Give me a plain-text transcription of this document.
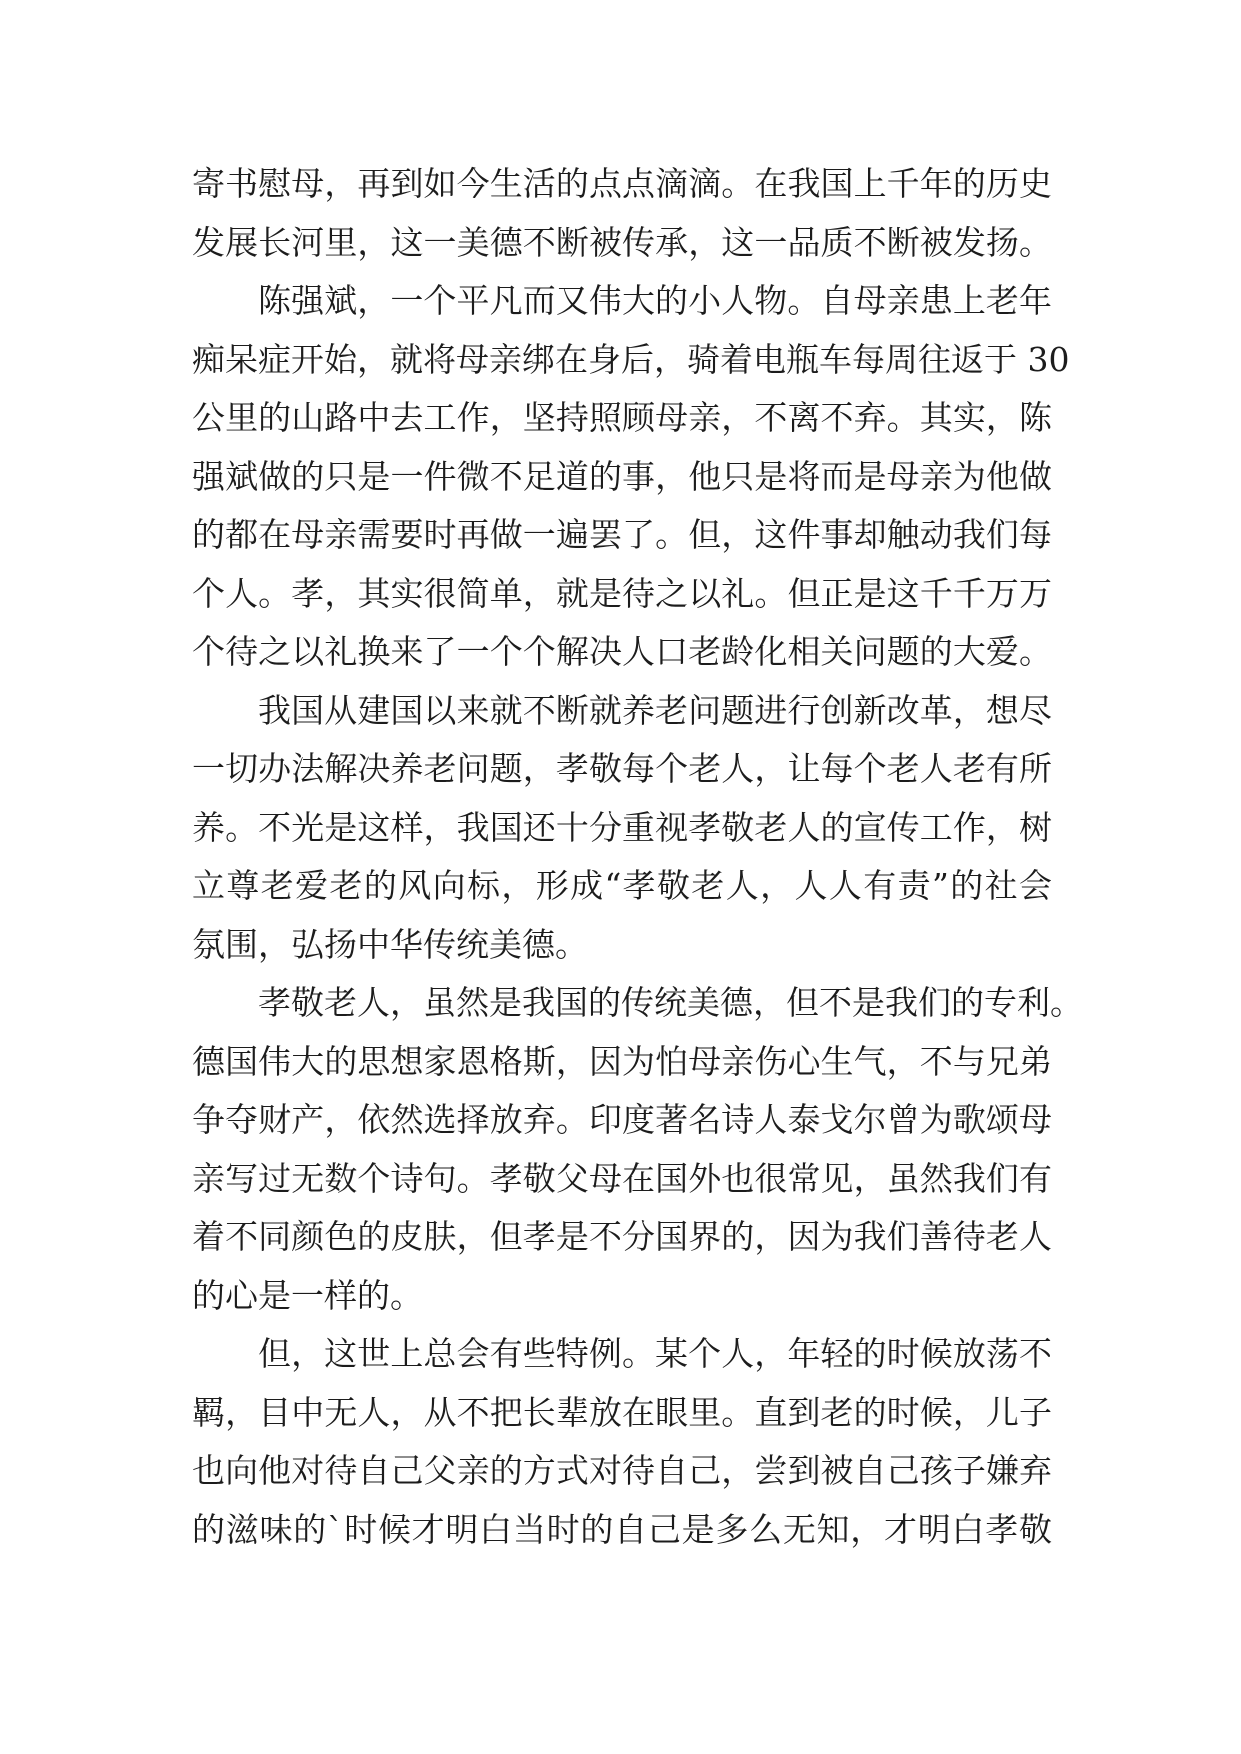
寄书慰母，再到如今生活的点点滴滴。在我国上千年的历史
发展长河里，这一美德不断被传承，这一品质不断被发扬。
陈强斌，一个平凡而又伟大的小人物。自母亲患上老年
痴呆症开始，就将母亲绑在身后，骑着电瓶车每周往返于 30
公里的山路中去工作，坚持照顾母亲，不离不弃。其实，陈
强斌做的只是一件微不足道的事，他只是将而是母亲为他做
的都在母亲需要时再做一遍罢了。但，这件事却触动我们每
个人。孝，其实很简单，就是待之以礼。但正是这千千万万
个待之以礼换来了一个个解决人口老龄化相关问题的大爱。
我国从建国以来就不断就养老问题进行创新改革，想尽
一切办法解决养老问题，孝敬每个老人，让每个老人老有所
养。不光是这样，我国还十分重视孝敬老人的宣传工作，树
立尊老爱老的风向标，形成“孝敬老人，人人有责”的社会
氛围，弘扬中华传统美德。
孝敬老人，虽然是我国的传统美德，但不是我们的专利。
德国伟大的思想家恩格斯，因为怕母亲伤心生气，不与兄弟
争夺财产，依然选择放弃。印度著名诗人泰戈尔曾为歌颂母
亲写过无数个诗句。孝敬父母在国外也很常见，虽然我们有
着不同颜色的皮肤，但孝是不分国界的，因为我们善待老人
的心是一样的。
但，这世上总会有些特例。某个人，年轻的时候放荡不
羁，目中无人，从不把长辈放在眼里。直到老的时候，儿子
也向他对待自己父亲的方式对待自己，尝到被自己孩子嫌弃
的滋味的`时候才明白当时的自己是多么无知，才明白孝敬
